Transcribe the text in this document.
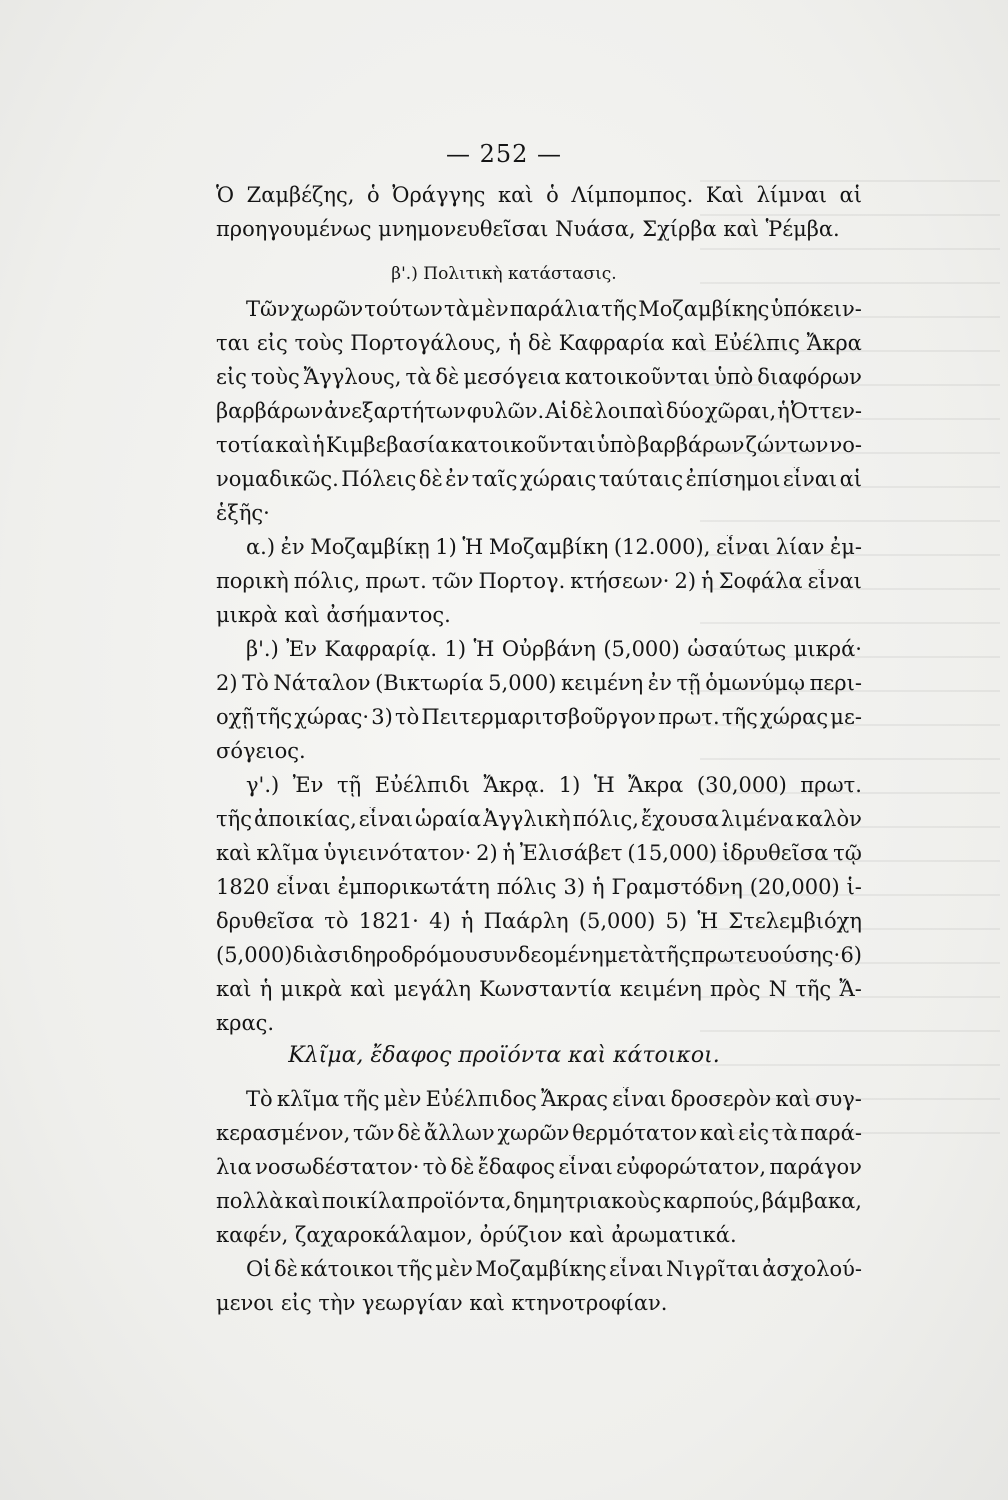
— 252 —
Ὁ Ζαμβέζης, ὁ Ὀράγγης καὶ ὁ Λίμπομπος. Καὶ λίμναι αἱ
προηγουμένως μνημονευθεῖσαι Νυάσα, Σχίρβα καὶ Ῥέμβα.
β'.) Πολιτικὴ κατάστασις.
Τῶν χωρῶν τούτων τὰ μὲν παράλια τῆς Μοζαμβίκης ὑπόκειν-
ται εἰς τοὺς Πορτογάλους, ἡ δὲ Καφραρία καὶ Εὐέλπις Ἄκρα
εἰς τοὺς Ἄγγλους, τὰ δὲ μεσόγεια κατοικοῦνται ὑπὸ διαφόρων
βαρβάρων ἀνεξαρτήτων φυλῶν. Αἱ δὲ λοιπαὶ δύο χῶραι, ἡ Ὀττεν-
τοτία καὶ ἡ Κιμβεβασία κατοικοῦνται ὑπὸ βαρβάρων ζώντων νο-
νομαδικῶς. Πόλεις δὲ ἐν ταῖς χώραις ταύταις ἐπίσημοι εἶναι αἱ
ἑξῆς·
α.) ἐν Μοζαμβίκῃ 1) Ἡ Μοζαμβίκη (12.000), εἶναι λίαν ἐμ-
πορικὴ πόλις, πρωτ. τῶν Πορτογ. κτήσεων· 2) ἡ Σοφάλα εἶναι
μικρὰ καὶ ἀσήμαντος.
β'.) Ἐν Καφραρίᾳ. 1) Ἡ Οὐρβάνη (5,000) ὡσαύτως μικρά·
2) Τὸ Νάταλον (Βικτωρία 5,000) κειμένη ἐν τῇ ὁμωνύμῳ περι-
οχῇ τῆς χώρας· 3) τὸ Πειτερμαριτσβοῦργον πρωτ. τῆς χώρας με-
σόγειος.
γ'.) Ἐν τῇ Εὐέλπιδι Ἄκρᾳ. 1) Ἡ Ἄκρα (30,000) πρωτ.
τῆς ἀποικίας, εἶναι ὡραία Ἀγγλικὴ πόλις, ἔχουσα λιμένα καλὸν
καὶ κλῖμα ὑγιεινότατον· 2) ἡ Ἐλισάβετ (15,000) ἱδρυθεῖσα τῷ
1820 εἶναι ἐμπορικωτάτη πόλις 3) ἡ Γραμστόδνη (20,000) ἱ-
δρυθεῖσα τὸ 1821· 4) ἡ Παάρλη (5,000) 5) Ἡ Στελεμβιόχη
(5,000) διὰ σιδηροδρόμου συνδεομένη μετὰ τῆς πρωτευούσης· 6)
καὶ ἡ μικρὰ καὶ μεγάλη Κωνσταντία κειμένη πρὸς Ν τῆς Ἄ-
κρας.
Κλῖμα, ἔδαφος προϊόντα καὶ κάτοικοι.
Τὸ κλῖμα τῆς μὲν Εὐέλπιδος Ἄκρας εἶναι δροσερὸν καὶ συγ-
κερασμένον, τῶν δὲ ἄλλων χωρῶν θερμότατον καὶ εἰς τὰ παρά-
λια νοσωδέστατον· τὸ δὲ ἔδαφος εἶναι εὐφορώτατον, παράγον
πολλὰ καὶ ποικίλα προϊόντα, δημητριακοὺς καρπούς, βάμβακα,
καφέν, ζαχαροκάλαμον, ὀρύζιον καὶ ἀρωματικά.
Οἱ δὲ κάτοικοι τῆς μὲν Μοζαμβίκης εἶναι Νιγρῖται ἀσχολού-
μενοι εἰς τὴν γεωργίαν καὶ κτηνοτροφίαν.
